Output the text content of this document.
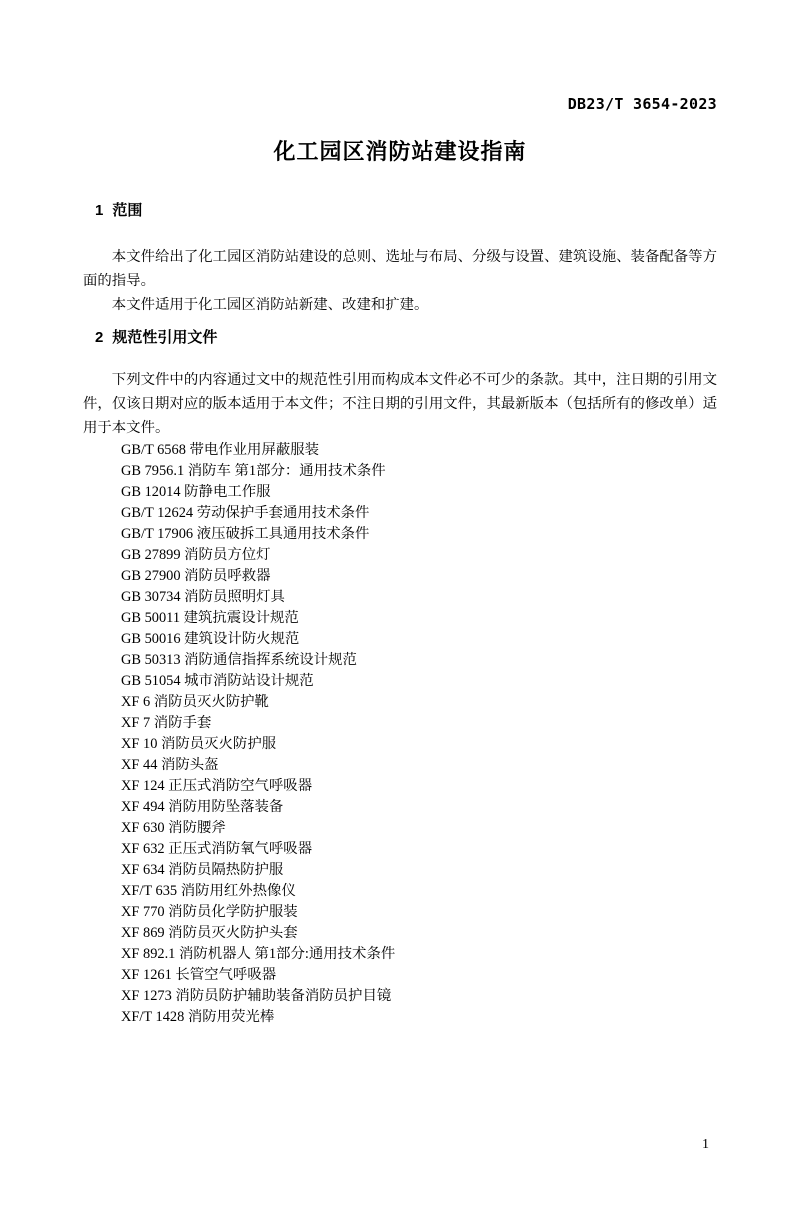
DB23/T 3654-2023
化工园区消防站建设指南
1 范围

本文件给出了化工园区消防站建设的总则、选址与布局、分级与设置、建筑设施、装备配备等方面的指导。

本文件适用于化工园区消防站新建、改建和扩建。

2 规范性引用文件

下列文件中的内容通过文中的规范性引用而构成本文件必不可少的条款。其中，注日期的引用文件，仅该日期对应的版本适用于本文件；不注日期的引用文件，其最新版本（包括所有的修改单）适用于本文件。

GB/T 6568 带电作业用屏蔽服装
GB 7956.1 消防车 第1部分：通用技术条件
GB 12014 防静电工作服
GB/T 12624 劳动保护手套通用技术条件
GB/T 17906 液压破拆工具通用技术条件
GB 27899 消防员方位灯
GB 27900 消防员呼救器
GB 30734 消防员照明灯具
GB 50011 建筑抗震设计规范
GB 50016 建筑设计防火规范
GB 50313 消防通信指挥系统设计规范
GB 51054 城市消防站设计规范
XF 6 消防员灭火防护靴
XF 7 消防手套
XF 10 消防员灭火防护服
XF 44 消防头盔
XF 124 正压式消防空气呼吸器
XF 494 消防用防坠落装备
XF 630 消防腰斧
XF 632 正压式消防氧气呼吸器
XF 634 消防员隔热防护服
XF/T 635 消防用红外热像仪
XF 770 消防员化学防护服装
XF 869 消防员灭火防护头套
XF 892.1 消防机器人 第1部分:通用技术条件
XF 1261 长管空气呼吸器
XF 1273 消防员防护辅助装备消防员护目镜
XF/T 1428 消防用荧光棒
1
